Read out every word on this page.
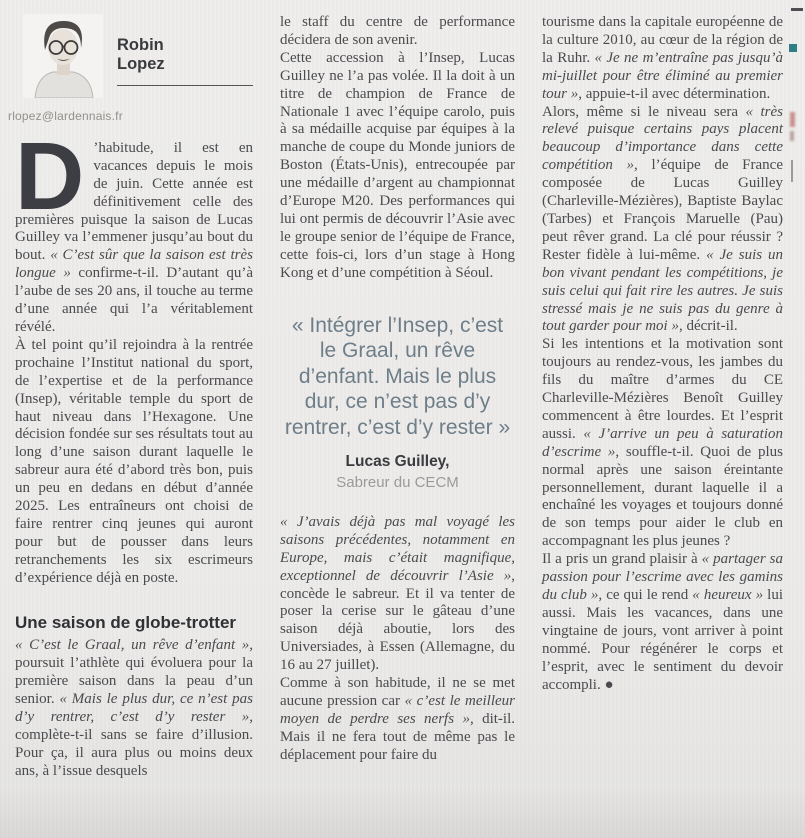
Robin Lopez
rlopez@lardennais.fr

D ’habitude, il est en vacances depuis le mois de juin. Cette année est définitivement celle des premières puisque la saison de Lucas Guilley va l’emmener jusqu’au bout du bout. « C’est sûr que la saison est très longue » confirme-t-il. D’autant qu’à l’aube de ses 20 ans, il touche au terme d’une année qui l’a véritablement révélé.

À tel point qu’il rejoindra à la rentrée prochaine l’Institut national du sport, de l’expertise et de la performance (Insep), véritable temple du sport de haut niveau dans l’Hexagone. Une décision fondée sur ses résultats tout au long d’une saison durant laquelle le sabreur aura été d’abord très bon, puis un peu en dedans en début d’année 2025. Les entraîneurs ont choisi de faire rentrer cinq jeunes qui auront pour but de pousser dans leurs retranchements les six escrimeurs d’expérience déjà en poste.

Une saison de globe-trotter

« C’est le Graal, un rêve d’enfant », poursuit l’athlète qui évoluera pour la première saison dans la peau d’un senior. « Mais le plus dur, ce n’est pas d’y rentrer, c’est d’y rester », complète-t-il sans se faire d’illusion. Pour ça, il aura plus ou moins deux ans, à l’issue desquels

le staff du centre de performance décidera de son avenir.

Cette accession à l’Insep, Lucas Guilley ne l’a pas volée. Il la doit à un titre de champion de France de Nationale 1 avec l’équipe carolo, puis à sa médaille acquise par équipes à la manche de coupe du Monde juniors de Boston (États-Unis), entrecoupée par une médaille d’argent au championnat d’Europe M20. Des performances qui lui ont permis de découvrir l’Asie avec le groupe senior de l’équipe de France, cette fois-ci, lors d’un stage à Hong Kong et d’une compétition à Séoul.

« Intégrer l’Insep, c’est le Graal, un rêve d’enfant. Mais le plus dur, ce n’est pas d’y rentrer, c’est d’y rester »
Lucas Guilley,
Sabreur du CECM

« J’avais déjà pas mal voyagé les saisons précédentes, notamment en Europe, mais c’était magnifique, exceptionnel de découvrir l’Asie », concède le sabreur. Et il va tenter de poser la cerise sur le gâteau d’une saison déjà aboutie, lors des Universiades, à Essen (Allemagne, du 16 au 27 juillet).

Comme à son habitude, il ne se met aucune pression car « c’est le meilleur moyen de perdre ses nerfs », dit-il. Mais il ne fera tout de même pas le déplacement pour faire du

tourisme dans la capitale européenne de la culture 2010, au cœur de la région de la Ruhr. « Je ne m’entraîne pas jusqu’à mi-juillet pour être éliminé au premier tour », appuie-t-il avec détermination.

Alors, même si le niveau sera « très relevé puisque certains pays placent beaucoup d’importance dans cette compétition », l’équipe de France composée de Lucas Guilley (Charleville-Mézières), Baptiste Baylac (Tarbes) et François Maruelle (Pau) peut rêver grand. La clé pour réussir ? Rester fidèle à lui-même. « Je suis un bon vivant pendant les compétitions, je suis celui qui fait rire les autres. Je suis stressé mais je ne suis pas du genre à tout garder pour moi », décrit-il.

Si les intentions et la motivation sont toujours au rendez-vous, les jambes du fils du maître d’armes du CE Charleville-Mézières Benoît Guilley commencent à être lourdes. Et l’esprit aussi. « J’arrive un peu à saturation d’escrime », souffle-t-il. Quoi de plus normal après une saison éreintante personnellement, durant laquelle il a enchaîné les voyages et toujours donné de son temps pour aider le club en accompagnant les plus jeunes ?

Il a pris un grand plaisir à « partager sa passion pour l’escrime avec les gamins du club », ce qui le rend « heureux » lui aussi. Mais les vacances, dans une vingtaine de jours, vont arriver à point nommé. Pour régénérer le corps et l’esprit, avec le sentiment du devoir accompli. ●
